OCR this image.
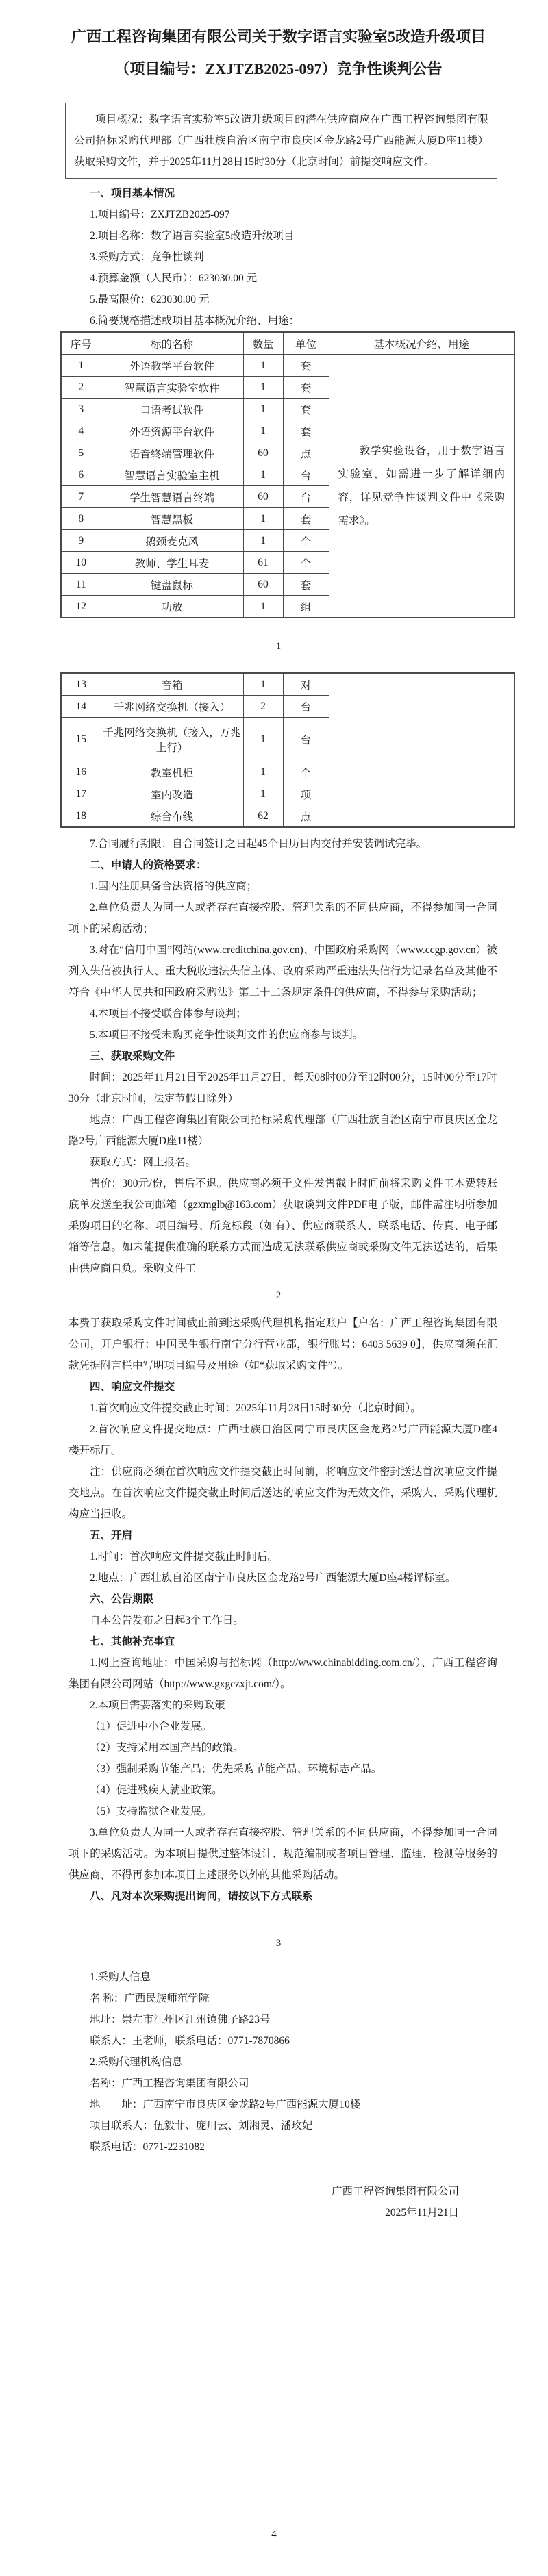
广西工程咨询集团有限公司关于数字语言实验室5改造升级项目
（项目编号：ZXJTZB2025-097）竞争性谈判公告

项目概况：数字语言实验室5改造升级项目的潜在供应商应在广西工程咨询集团有限公司招标采购代理部（广西壮族自治区南宁市良庆区金龙路2号广西能源大厦D座11楼）获取采购文件，并于2025年11月28日15时30分（北京时间）前提交响应文件。

一、项目基本情况

1.项目编号：ZXJTZB2025-097

2.项目名称：数字语言实验室5改造升级项目

3.采购方式：竞争性谈判

4.预算金额（人民币）：623030.00 元

5.最高限价：623030.00 元

6.简要规格描述或项目基本概况介绍、用途：

序号	标的名称	数量	单位	基本概况介绍、用途
1	外语教学平台软件	1	套	教学实验设备，用于数字语言实验室，如需进一步了解详细内容，详见竞争性谈判文件中《采购需求》。
2	智慧语言实验室软件	1	套	
3	口语考试软件	1	套	
4	外语资源平台软件	1	套	
5	语音终端管理软件	60	点	
6	智慧语言实验室主机	1	台	
7	学生智慧语言终端	60	台	
8	智慧黑板	1	套	
9	鹅颈麦克风	1	个	
10	教师、学生耳麦	61	个	
11	键盘鼠标	60	套	
12	功放	1	组	
1
13	音箱	1	对	
14	千兆网络交换机（接入）	2	台	
15	千兆网络交换机（接入，万兆上行）	1	台	
16	教室机柜	1	个	
17	室内改造	1	项	
18	综合布线	62	点	

7.合同履行期限：自合同签订之日起45个日历日内交付并安装调试完毕。

二、申请人的资格要求：

1.国内注册具备合法资格的供应商；

2.单位负责人为同一人或者存在直接控股、管理关系的不同供应商，不得参加同一合同项下的采购活动；

3.对在“信用中国”网站(www.creditchina.gov.cn)、中国政府采购网（www.ccgp.gov.cn）被列入失信被执行人、重大税收违法失信主体、政府采购严重违法失信行为记录名单及其他不符合《中华人民共和国政府采购法》第二十二条规定条件的供应商，不得参与采购活动；

4.本项目不接受联合体参与谈判；

5.本项目不接受未购买竞争性谈判文件的供应商参与谈判。

三、获取采购文件

时间：2025年11月21日至2025年11月27日，每天08时00分至12时00分，15时00分至17时30分（北京时间，法定节假日除外）

地点：广西工程咨询集团有限公司招标采购代理部（广西壮族自治区南宁市良庆区金龙路2号广西能源大厦D座11楼）

获取方式：网上报名。

售价：300元/份，售后不退。供应商必须于文件发售截止时间前将采购文件工本费转账底单发送至我公司邮箱（gzxmglb@163.com）获取谈判文件PDF电子版，邮件需注明所参加采购项目的名称、项目编号、所竞标段（如有）、供应商联系人、联系电话、传真、电子邮箱等信息。如未能提供准确的联系方式而造成无法联系供应商或采购文件无法送达的，后果由供应商自负。采购文件工

2

本费于获取采购文件时间截止前到达采购代理机构指定账户【户名：广西工程咨询集团有限公司，开户银行：中国民生银行南宁分行营业部，银行账号：6403 5639 0】，供应商须在汇款凭据附言栏中写明项目编号及用途（如“获取采购文件”）。

四、响应文件提交

1.首次响应文件提交截止时间：2025年11月28日15时30分（北京时间）。

2.首次响应文件提交地点：广西壮族自治区南宁市良庆区金龙路2号广西能源大厦D座4楼开标厅。

注：供应商必须在首次响应文件提交截止时间前，将响应文件密封送达首次响应文件提交地点。在首次响应文件提交截止时间后送达的响应文件为无效文件，采购人、采购代理机构应当拒收。

五、开启

1.时间：首次响应文件提交截止时间后。

2.地点：广西壮族自治区南宁市良庆区金龙路2号广西能源大厦D座4楼评标室。

六、公告期限

自本公告发布之日起3个工作日。

七、其他补充事宜

1.网上查询地址：中国采购与招标网（http://www.chinabidding.com.cn/）、广西工程咨询集团有限公司网站（http://www.gxgczxjt.com/）。

2.本项目需要落实的采购政策

（1）促进中小企业发展。

（2）支持采用本国产品的政策。

（3）强制采购节能产品；优先采购节能产品、环境标志产品。

（4）促进残疾人就业政策。

（5）支持监狱企业发展。

3.单位负责人为同一人或者存在直接控股、管理关系的不同供应商，不得参加同一合同项下的采购活动。为本项目提供过整体设计、规范编制或者项目管理、监理、检测等服务的供应商，不得再参加本项目上述服务以外的其他采购活动。

八、凡对本次采购提出询问，请按以下方式联系

3

1.采购人信息

名 称：广西民族师范学院

地址：崇左市江州区江州镇佛子路23号

联系人：王老师，联系电话：0771-7870866

2.采购代理机构信息

名称：广西工程咨询集团有限公司

地　　址：广西南宁市良庆区金龙路2号广西能源大厦10楼

项目联系人：伍毅菲、庞川云、刘湘灵、潘玫妃

联系电话：0771-2231082

广西工程咨询集团有限公司

2025年11月21日

4
